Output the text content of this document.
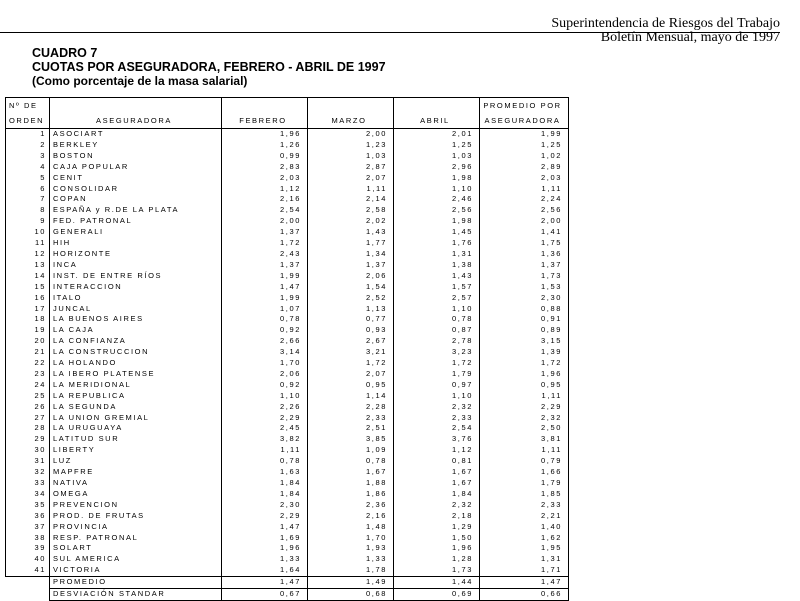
Superintendencia de Riesgos del Trabajo
Boletín Mensual, mayo de 1997
CUADRO 7
CUOTAS POR ASEGURADORA, FEBRERO - ABRIL DE 1997
(Como porcentaje de la masa salarial)
Nº DE					PROMEDIO POR
ORDEN	ASEGURADORA	FEBRERO	MARZO	ABRIL	ASEGURADORA
1	ASOCIART	1,96	2,00	2,01	1,99
2	BERKLEY	1,26	1,23	1,25	1,25
3	BOSTON	0,99	1,03	1,03	1,02
4	CAJA POPULAR	2,83	2,87	2,96	2,89
5	CENIT	2,03	2,07	1,98	2,03
6	CONSOLIDAR	1,12	1,11	1,10	1,11
7	COPAN	2,16	2,14	2,46	2,24
8	ESPAÑA y R.DE LA PLATA	2,54	2,58	2,56	2,56
9	FED. PATRONAL	2,00	2,02	1,98	2,00
10	GENERALI	1,37	1,43	1,45	1,41
11	HIH	1,72	1,77	1,76	1,75
12	HORIZONTE	2,43	1,34	1,31	1,36
13	INCA	1,37	1,37	1,38	1,37
14	INST. DE ENTRE RÍOS	1,99	2,06	1,43	1,73
15	INTERACCION	1,47	1,54	1,57	1,53
16	ITALO	1,99	2,52	2,57	2,30
17	JUNCAL	1,07	1,13	1,10	0,88
18	LA BUENOS AIRES	0,78	0,77	0,78	0,91
19	LA CAJA	0,92	0,93	0,87	0,89
20	LA CONFIANZA	2,66	2,67	2,78	3,15
21	LA CONSTRUCCION	3,14	3,21	3,23	1,39
22	LA HOLANDO	1,70	1,72	1,72	1,72
23	LA IBERO PLATENSE	2,06	2,07	1,79	1,96
24	LA MERIDIONAL	0,92	0,95	0,97	0,95
25	LA REPUBLICA	1,10	1,14	1,10	1,11
26	LA SEGUNDA	2,26	2,28	2,32	2,29
27	LA UNION GREMIAL	2,29	2,33	2,33	2,32
28	LA URUGUAYA	2,45	2,51	2,54	2,50
29	LATITUD SUR	3,82	3,85	3,76	3,81
30	LIBERTY	1,11	1,09	1,12	1,11
31	LUZ	0,78	0,78	0,81	0,79
32	MAPFRE	1,63	1,67	1,67	1,66
33	NATIVA	1,84	1,88	1,67	1,79
34	OMEGA	1,84	1,86	1,84	1,85
35	PREVENCION	2,30	2,36	2,32	2,33
36	PROD. DE FRUTAS	2,29	2,16	2,18	2,21
37	PROVINCIA	1,47	1,48	1,29	1,40
38	RESP. PATRONAL	1,69	1,70	1,50	1,62
39	SOLART	1,96	1,93	1,96	1,95
40	SUL AMERICA	1,33	1,33	1,28	1,31
41	VICTORIA	1,64	1,78	1,73	1,71
	PROMEDIO	1,47	1,49	1,44	1,47
	DESVIACIÓN STANDAR	0,67	0,68	0,69	0,66
